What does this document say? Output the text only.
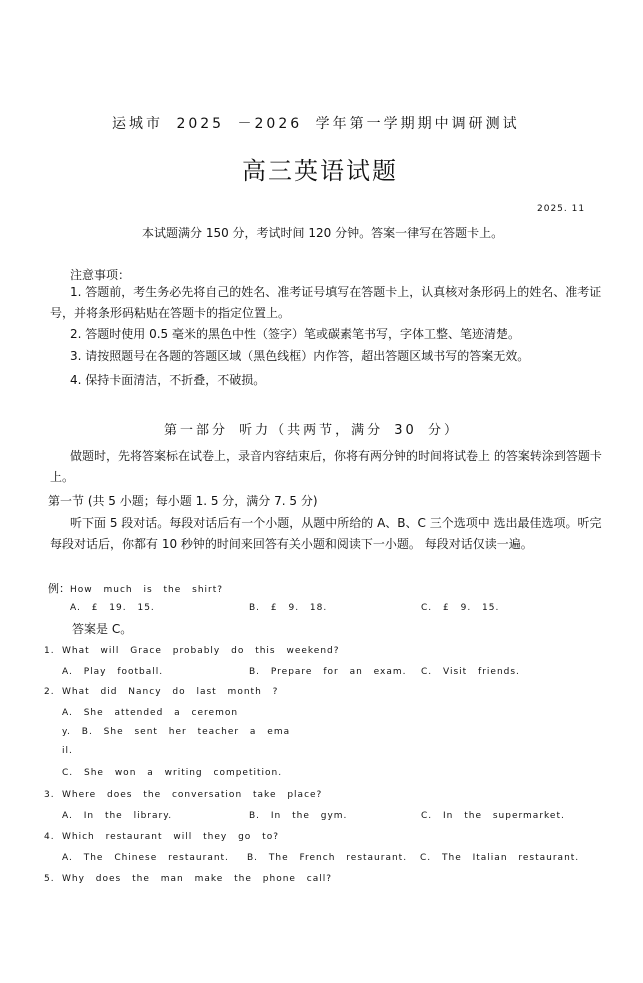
运城市 2025 －2026 学年第一学期期中调研测试
高三英语试题
2025. 11
本试题满分 150 分，考试时间 120 分钟。答案一律写在答题卡上。
注意事项：
1. 答题前，考生务必先将自己的姓名、准考证号填写在答题卡上，认真核对条形码上的姓名、准考证号，并将条形码粘贴在答题卡的指定位置上。
2. 答题时使用 0.5 毫米的黑色中性（签字）笔或碳素笔书写，字体工整、笔迹清楚。
3. 请按照题号在各题的答题区域（黑色线框）内作答，超出答题区域书写的答案无效。
4. 保持卡面清洁，不折叠，不破损。
第一部分 听力（共两节，满分 30 分）
做题时，先将答案标在试卷上，录音内容结束后，你将有两分钟的时间将试卷上 的答案转涂到答题卡上。
第一节 (共 5 小题；每小题 1. 5 分，满分 7. 5 分)
听下面 5 段对话。每段对话后有一个小题，从题中所给的 A、B、C 三个选项中 选出最佳选项。听完每段对话后，你都有 10 秒钟的时间来回答有关小题和阅读下一小题。 每段对话仅读一遍。
例：How much is the shirt?
A. £ 19. 15.	B. £ 9. 18.	C. £ 9. 15.
答案是 C。
1. What will Grace probably do this weekend?
A. Play football.	B. Prepare for an exam. C. Visit friends.
2. What did Nancy do last month ?
A. She attended a ceremon
y. B. She sent her teacher a ema
il.
C. She won a writing competition.
3. Where does the conversation take place?
A. In the library.	B. In the gym.	C. In the supermarket.
4. Which restaurant will they go to?
A. The Chinese restaurant. B. The French restaurant. C. The Italian restaurant.
5. Why does the man make the phone call?
